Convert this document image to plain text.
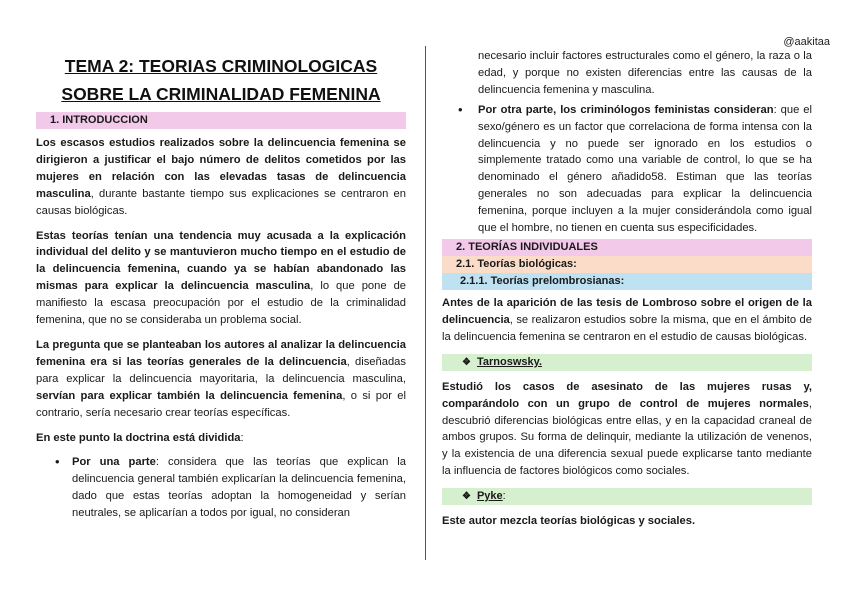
@aakitaa
TEMA 2: TEORIAS CRIMINOLOGICAS
SOBRE LA CRIMINALIDAD FEMENINA
1. INTRODUCCION

Los escasos estudios realizados sobre la delincuencia femenina se dirigieron a justificar el bajo número de delitos cometidos por las mujeres en relación con las elevadas tasas de delincuencia masculina, durante bastante tiempo sus explicaciones se centraron en causas biológicas.

Estas teorías tenían una tendencia muy acusada a la explicación individual del delito y se mantuvieron mucho tiempo en el estudio de la delincuencia femenina, cuando ya se habían abandonado las mismas para explicar la delincuencia masculina, lo que pone de manifiesto la escasa preocupación por el estudio de la criminalidad femenina, que no se consideraba un problema social.

La pregunta que se planteaban los autores al analizar la delincuencia femenina era si las teorías generales de la delincuencia, diseñadas para explicar la delincuencia mayoritaria, la delincuencia masculina, servían para explicar también la delincuencia femenina, o si por el contrario, sería necesario crear teorías específicas.

En este punto la doctrina está dividida:

• Por una parte: considera que las teorías que explican la delincuencia general también explicarían la delincuencia femenina, dado que estas teorías adoptan la homogeneidad y serían neutrales, se aplicarían a todos por igual, no consideran

necesario incluir factores estructurales como el género, la raza o la edad, y porque no existen diferencias entre las causas de la delincuencia femenina y masculina.

• Por otra parte, los criminólogos feministas consideran: que el sexo/género es un factor que correlaciona de forma intensa con la delincuencia y no puede ser ignorado en los estudios o simplemente tratado como una variable de control, lo que se ha denominado el género añadido58. Estiman que las teorías generales no son adecuadas para explicar la delincuencia femenina, porque incluyen a la mujer considerándola como igual que el hombre, no tienen en cuenta sus especificidades.
2. TEORÍAS INDIVIDUALES
2.1. Teorías biológicas:
2.1.1. Teorías prelombrosianas:

Antes de la aparición de las tesis de Lombroso sobre el origen de la delincuencia, se realizaron estudios sobre la misma, que en el ámbito de la delincuencia femenina se centraron en el estudio de causas biológicas.

❖ Tarnoswsky.

Estudió los casos de asesinato de las mujeres rusas y, comparándolo con un grupo de control de mujeres normales, descubrió diferencias biológicas entre ellas, y en la capacidad craneal de ambos grupos. Su forma de delinquir, mediante la utilización de venenos, y la existencia de una diferencia sexual puede explicarse tanto mediante la influencia de factores biológicos como sociales.

❖ Pyke:

Este autor mezcla teorías biológicas y sociales.
